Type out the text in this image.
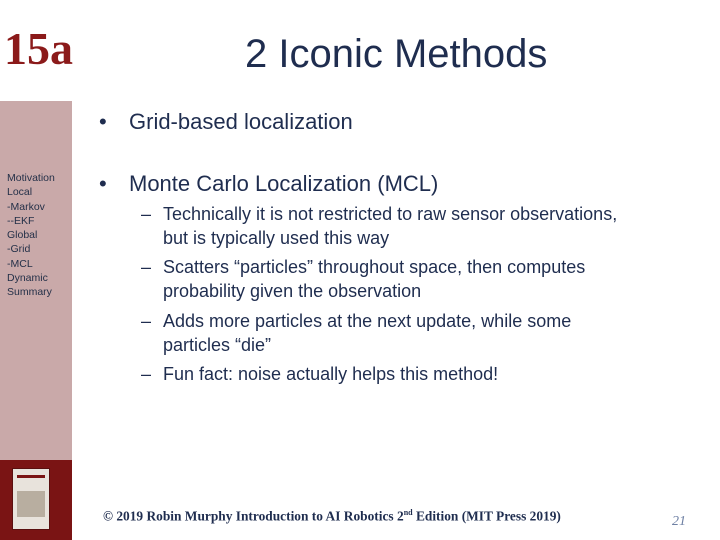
15a	2 Iconic Methods
Motivation
Local
-Markov
--EKF
Global
-Grid
-MCL
Dynamic
Summary
• Grid-based localization
• Monte Carlo Localization (MCL)
– Technically it is not restricted to raw sensor observations,
but is typically used this way
– Scatters “particles” throughout space, then computes
probability given the observation
– Adds more particles at the next update, while some
particles “die”
– Fun fact: noise actually helps this method!
© 2019 Robin Murphy Introduction to AI Robotics 2nd Edition (MIT Press 2019)	21
